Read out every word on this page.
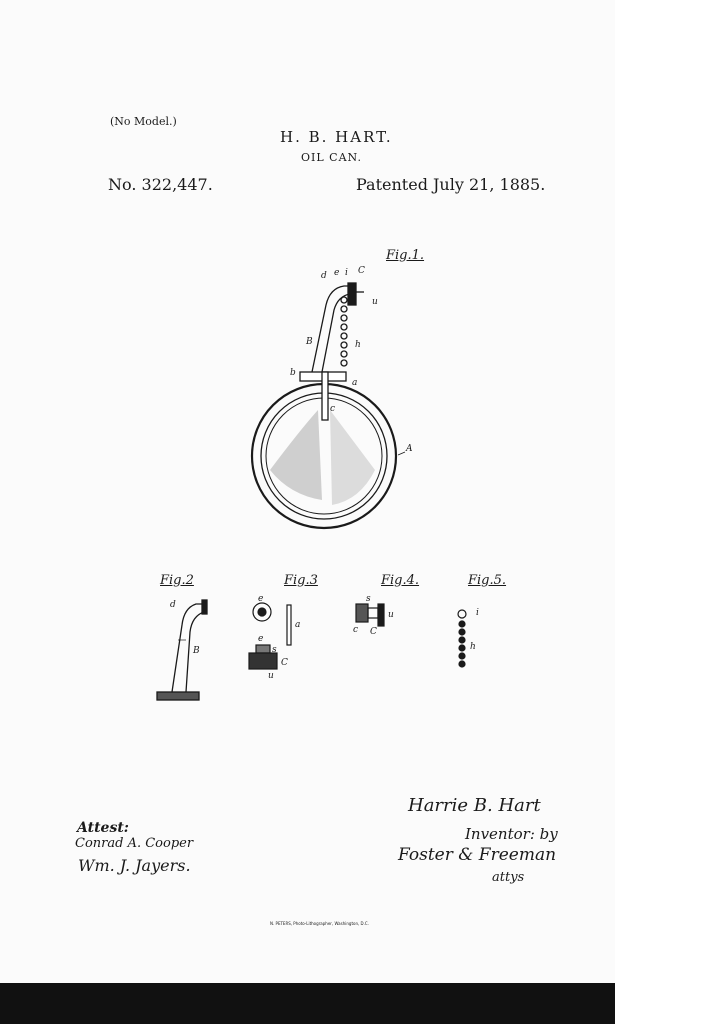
(No Model.)
H. B. HART.
OIL CAN.
No. 322,447.	Patented July 21, 1885.
Fig.1.
Fig.2	Fig.3	Fig.4.	Fig.5.
d e i C
u
B	h
b
a
c
A
d
B
e
a
e
s
C
u
s
u
c C
i
h
Attest:
Conrad A. Cooper
Wm. J. Jayers.
Harrie B. Hart
Inventor: by
Foster & Freeman
attys
N. PETERS, Photo-Lithographer, Washington, D.C.
